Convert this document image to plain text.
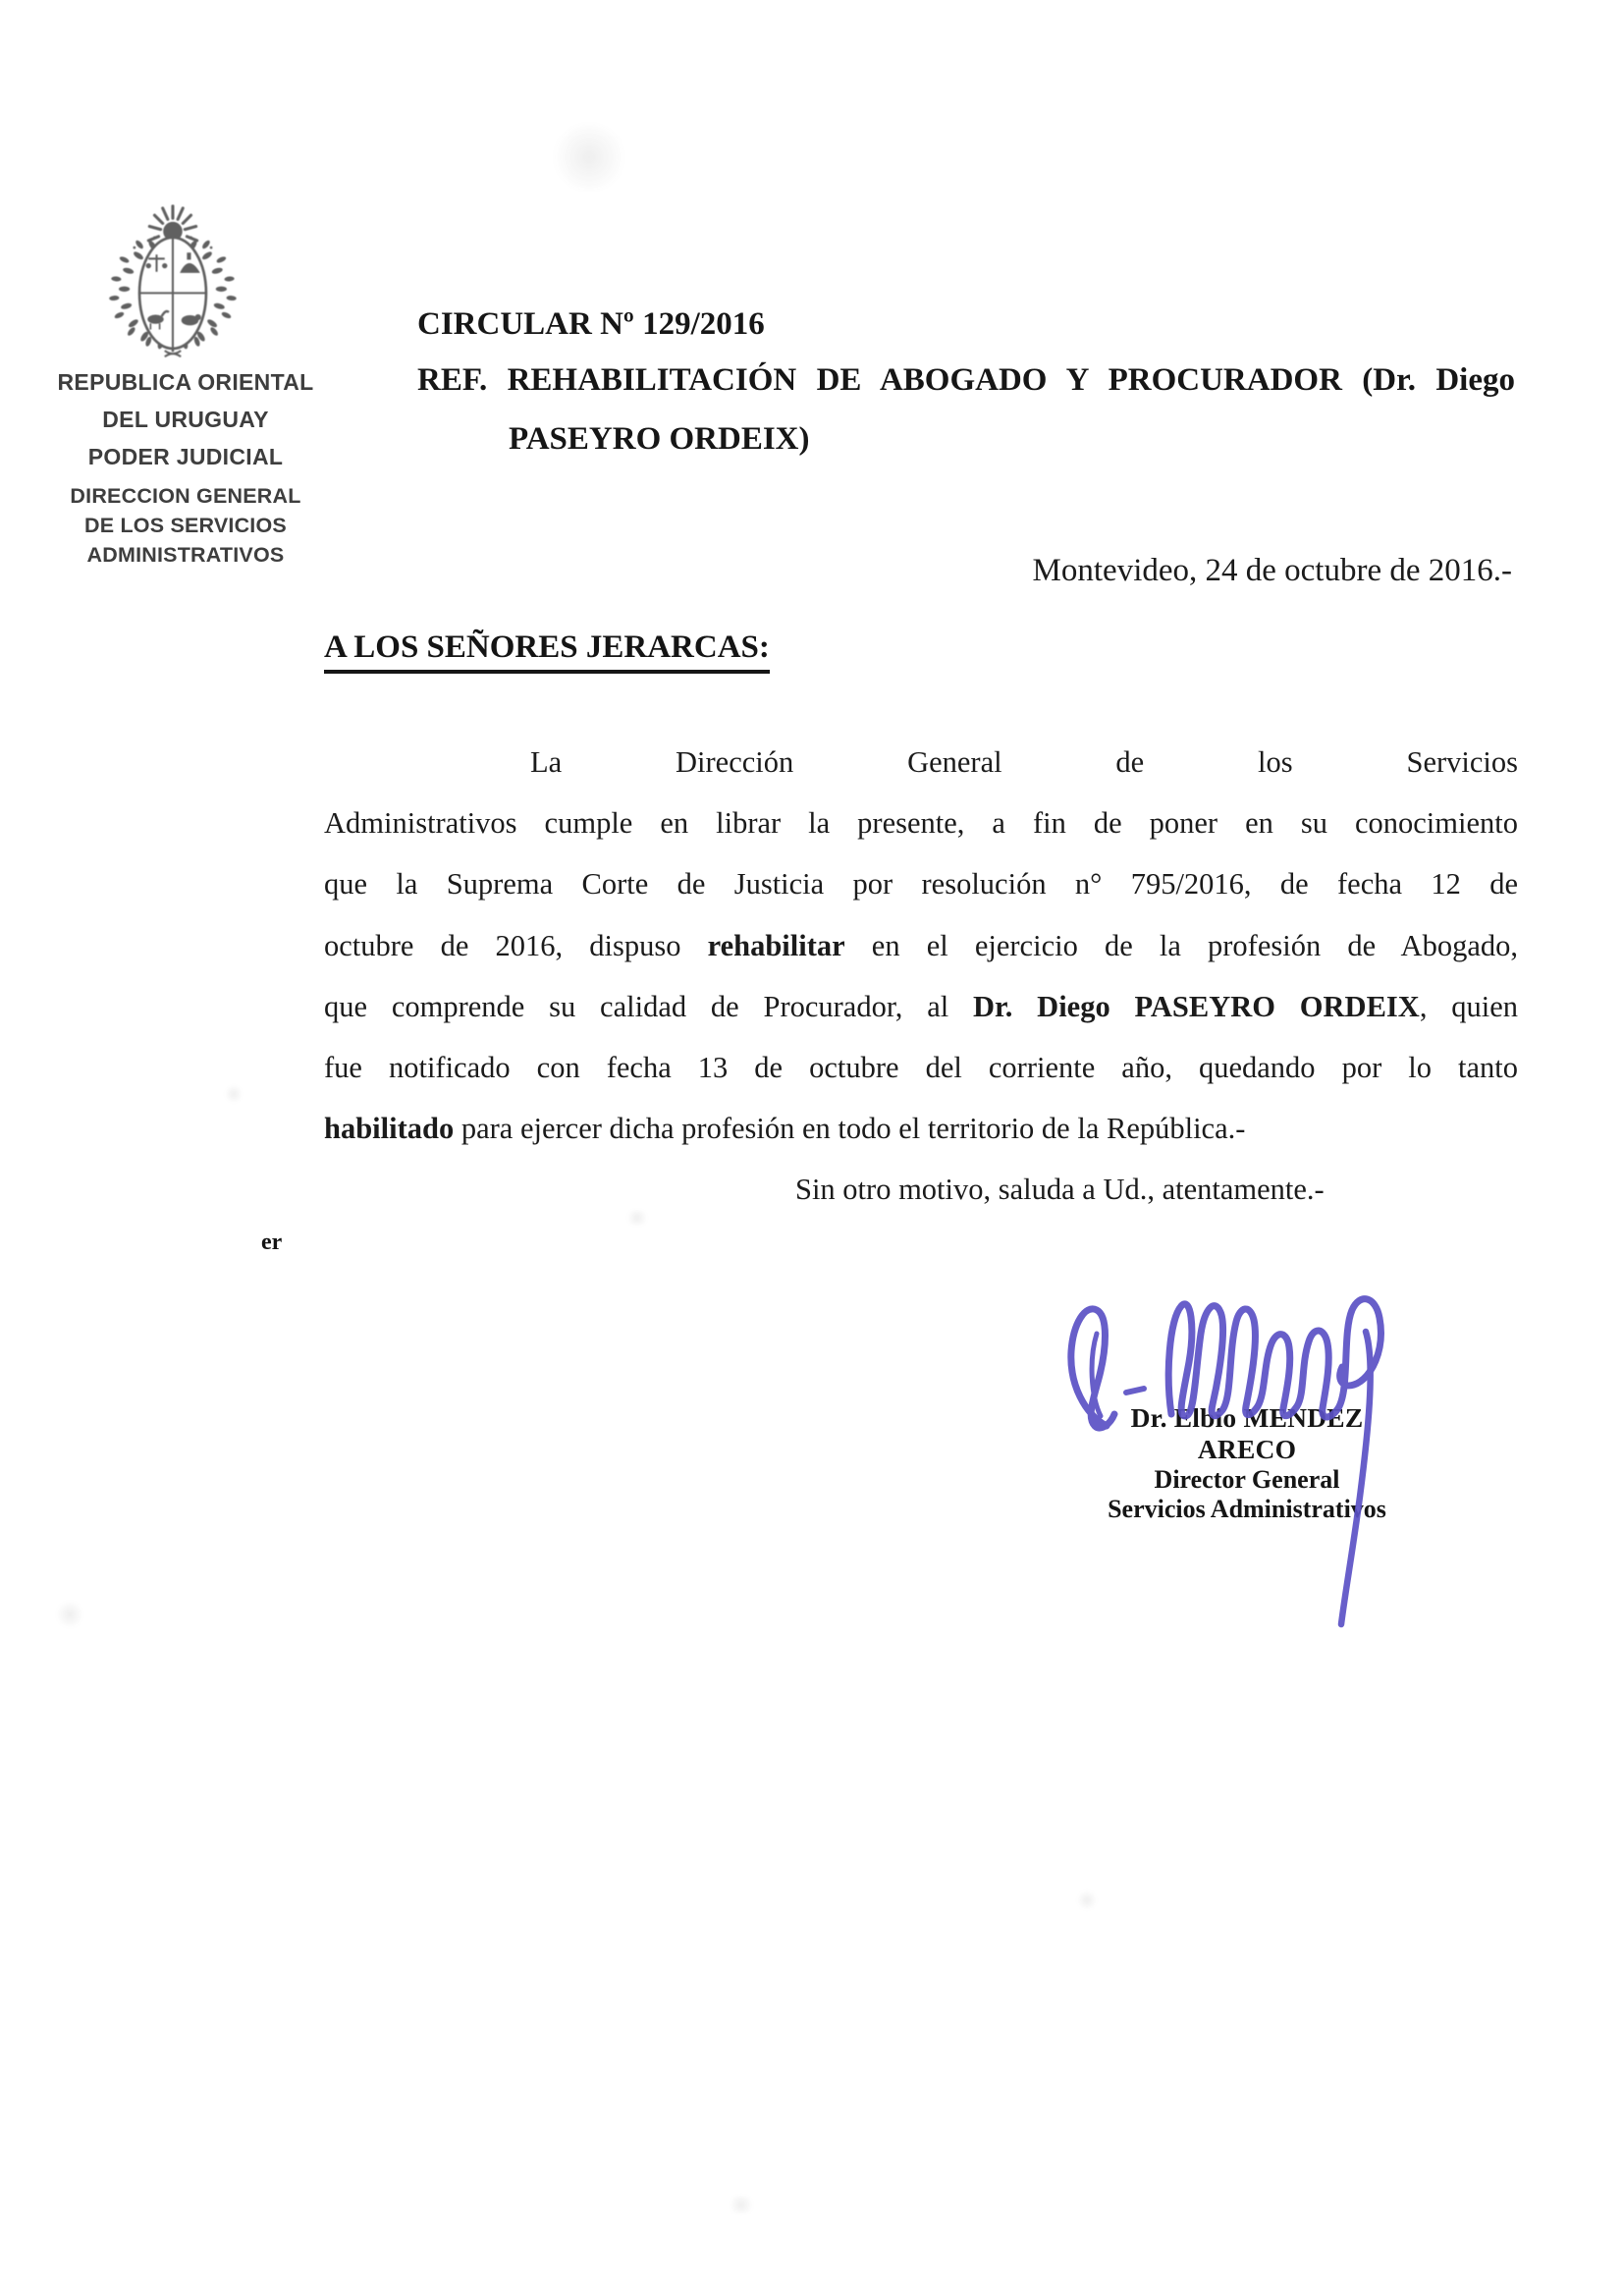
REPUBLICA ORIENTAL
DEL URUGUAY
PODER JUDICIAL
DIRECCION GENERAL
DE LOS SERVICIOS
ADMINISTRATIVOS
CIRCULAR Nº 129/2016
REF. REHABILITACIÓN DE ABOGADO Y PROCURADOR (Dr. Diego
PASEYRO ORDEIX)
Montevideo, 24 de octubre de 2016.-
A LOS SEÑORES JERARCAS:
La Dirección General de los Servicios
Administrativos cumple en librar la presente, a fin de poner en su conocimiento
que la Suprema Corte de Justicia por resolución n° 795/2016, de fecha 12 de
octubre de 2016, dispuso rehabilitar en el ejercicio de la profesión de Abogado,
que comprende su calidad de Procurador, al Dr. Diego PASEYRO ORDEIX, quien
fue notificado con fecha 13 de octubre del corriente año, quedando por lo tanto
habilitado para ejercer dicha profesión en todo el territorio de la República.-
Sin otro motivo, saluda a Ud., atentamente.-
er
Dr. Elbio MENDEZ ARECO
Director General
Servicios Administrativos
